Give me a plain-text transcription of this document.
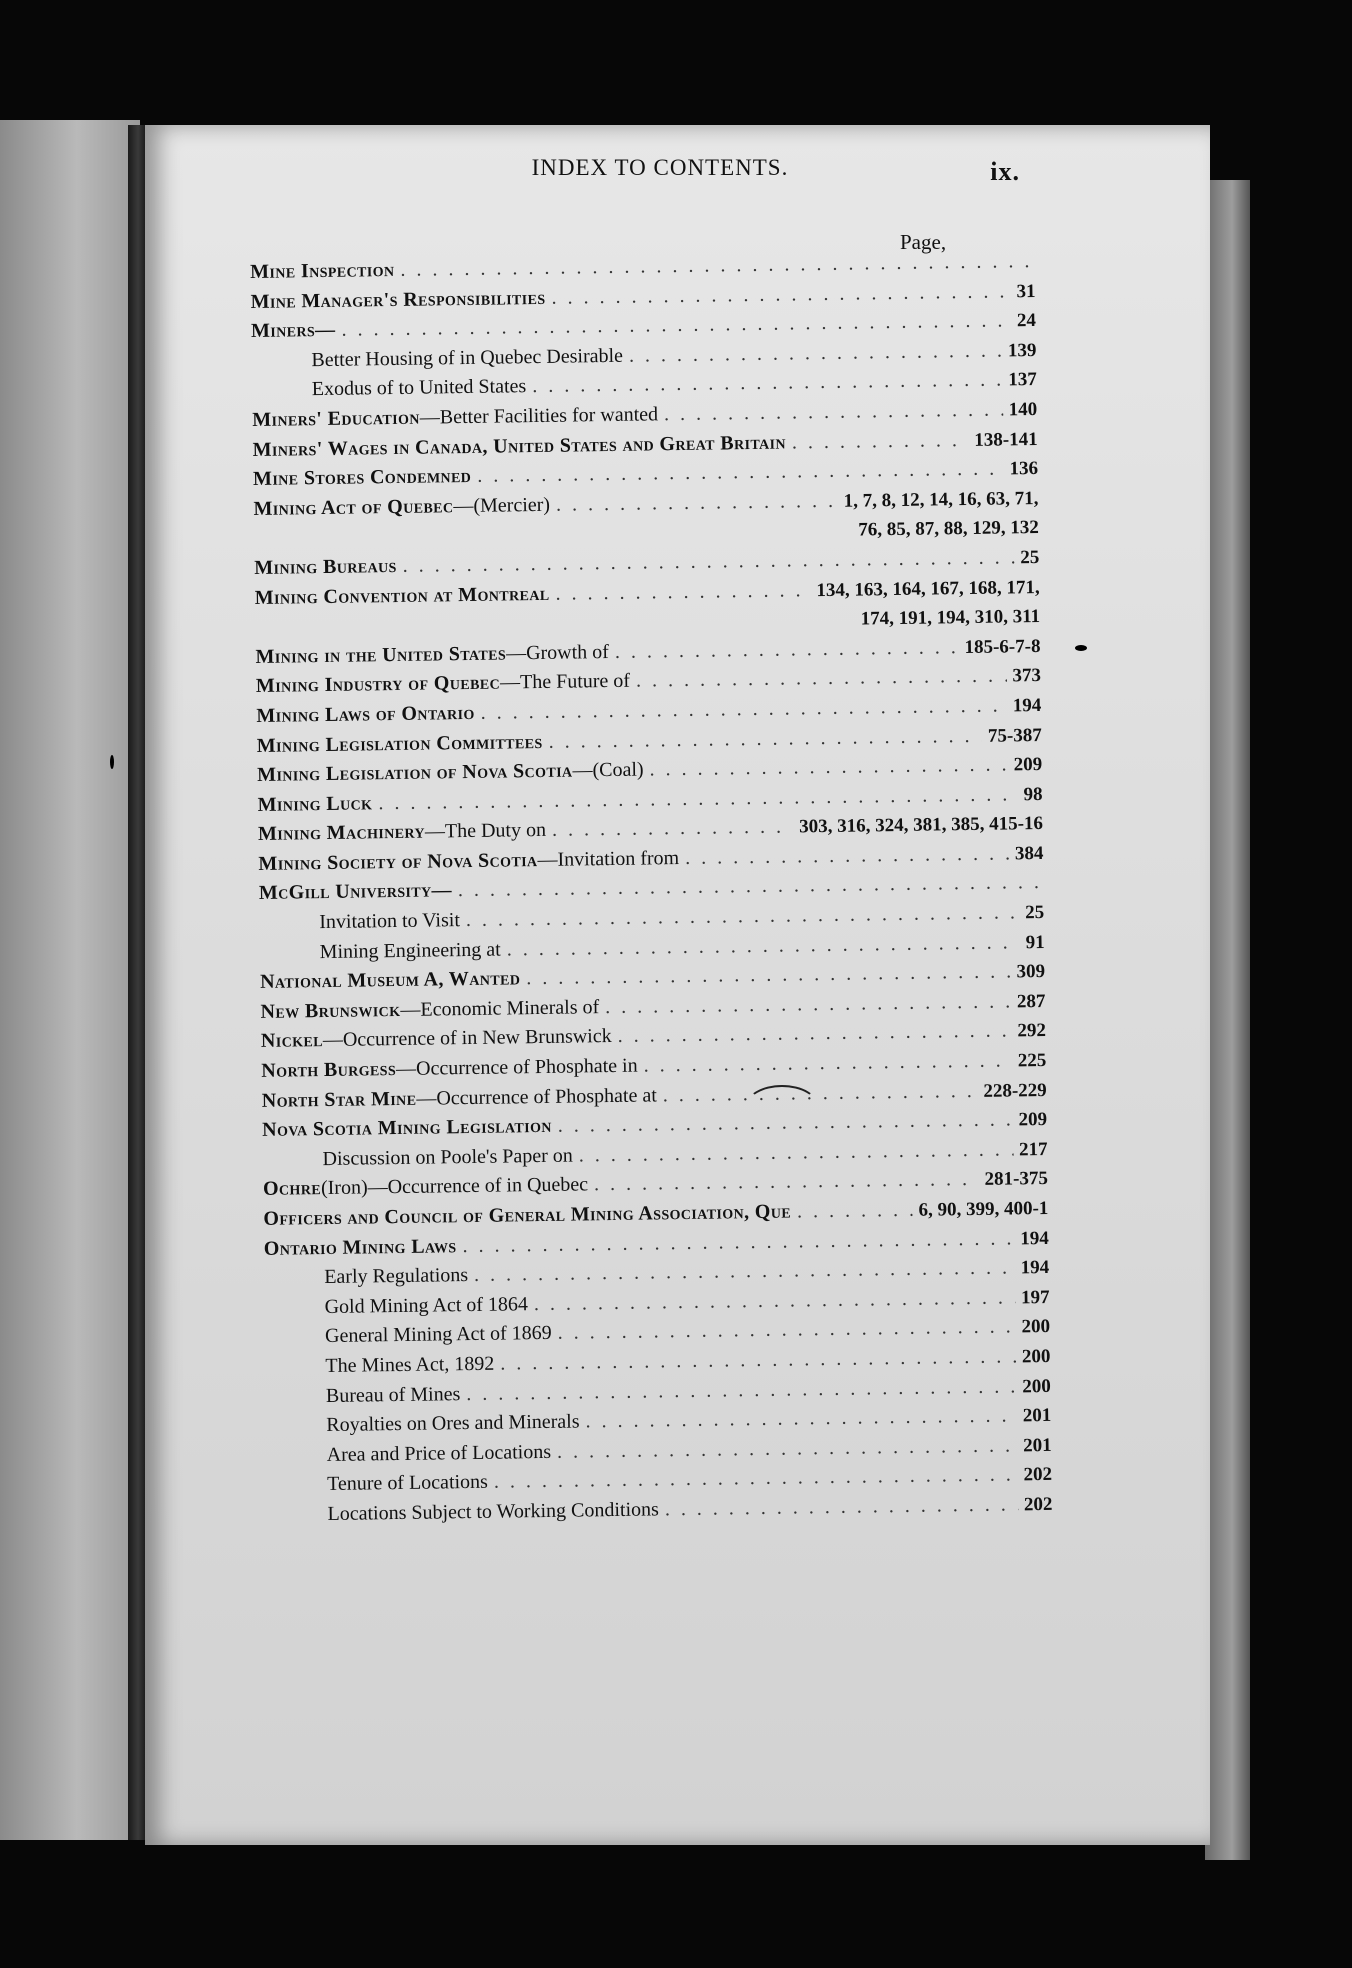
INDEX TO CONTENTS.	ix.
Page,
Mine Inspection
. . .
Mine Manager's Responsibilities . . .	31
Miners— . . .	24
Better Housing of in Quebec Desirable . . .	139
Exodus of to United States . . .	137
Miners' Education —Better Facilities for wanted . . .	140
Miners' Wages in Canada, United States and Great Britain . . .	138-141
Mine Stores Condemned . . .	136
Mining Act of Quebec —(Mercier) . . .	1, 7, 8, 12, 14, 16, 63, 71,
76, 85, 87, 88, 129, 132
Mining Bureaus . . .	25
Mining Convention at Montreal . . .	134, 163, 164, 167, 168, 171,
174, 191, 194, 310, 311
Mining in the United States —Growth of . . .	185-6-7-8
Mining Industry of Quebec —The Future of . . .	373
Mining Laws of Ontario . . .	194
Mining Legislation Committees . . .	75-387
Mining Legislation of Nova Scotia —(Coal) . . .	209
Mining Luck . . .	98
Mining Machinery —The Duty on . . .	303, 316, 324, 381, 385, 415-16
Mining Society of Nova Scotia —Invitation from . . .	384
McGill University—
. . .
Invitation to Visit . . .	25
Mining Engineering at . . .	91
National Museum A, Wanted . . .	309
New Brunswick —Economic Minerals of . . .	287
Nickel —Occurrence of in New Brunswick . . .	292
North Burgess —Occurrence of Phosphate in . . .	225
North Star Mine —Occurrence of Phosphate at . . .	228-229
Nova Scotia Mining Legislation . . .	209
Discussion on Poole's Paper on . . .	217
Ochre (Iron)—Occurrence of in Quebec . . .	281-375
Officers and Council of General Mining Association, Que . . .	6, 90, 399, 400-1
Ontario Mining Laws . . .	194
Early Regulations . . .	194
Gold Mining Act of 1864 . . .	197
General Mining Act of 1869 . . .	200
The Mines Act, 1892 . . .	200
Bureau of Mines . . .	200
Royalties on Ores and Minerals . . .	201
Area and Price of Locations . . .	201
Tenure of Locations . . .	202
Locations Subject to Working Conditions . . .	202
